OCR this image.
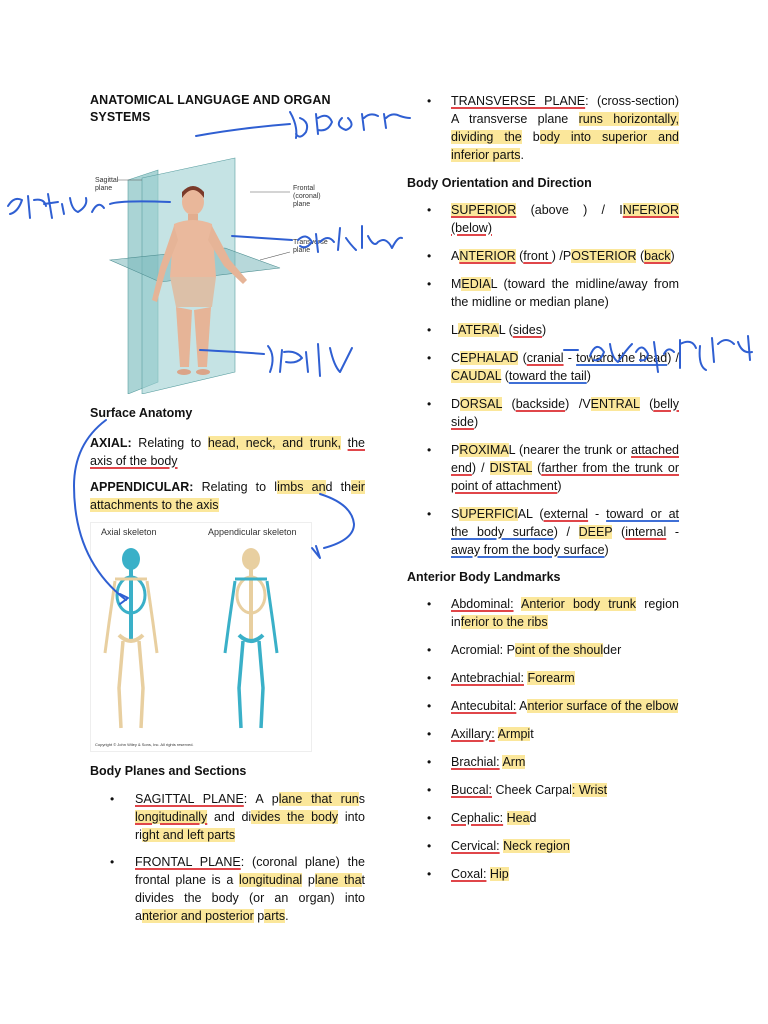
ANATOMICAL LANGUAGE AND ORGAN SYSTEMS
Sagittal plane	Frontal (coronal) plane
Transverse plane
Surface Anatomy

AXIAL: Relating to head, neck, and trunk, the axis of the body

APPENDICULAR: Relating to limbs and their attachments to the axis

Axial skeleton	Appendicular skeleton
Copyright © John Wiley & Sons, Inc. All rights reserved.
Body Planes and Sections
• SAGITTAL PLANE: A plane that runs longitudinally and divides the body into right and left parts
• FRONTAL PLANE: (coronal plane) the frontal plane is a longitudinal plane that divides the body (or an organ) into anterior and posterior parts.
• TRANSVERSE PLANE: (cross-section) A transverse plane runs horizontally, dividing the body into superior and inferior parts.
Body Orientation and Direction
• SUPERIOR (above ) / INFERIOR (below)
• ANTERIOR (front ) /POSTERIOR (back)
• MEDIAL (toward the midline/away from the midline or median plane)
• LATERAL (sides)
• CEPHALAD (cranial - toward the head) / CAUDAL (toward the tail)
• DORSAL (backside) /VENTRAL (belly side)
• PROXIMAL (nearer the trunk or attached end) / DISTAL (farther from the trunk or point of attachment)
• SUPERFICIAL (external - toward or at the body surface) / DEEP (internal - away from the body surface)
Anterior Body Landmarks
• Abdominal: Anterior body trunk region inferior to the ribs
• Acromial: Point of the shoulder
• Antebrachial: Forearm
• Antecubital: Anterior surface of the elbow
• Axillary: Armpit
• Brachial: Arm
• Buccal: Cheek Carpal: Wrist
• Cephalic: Head
• Cervical: Neck region
• Coxal: Hip
